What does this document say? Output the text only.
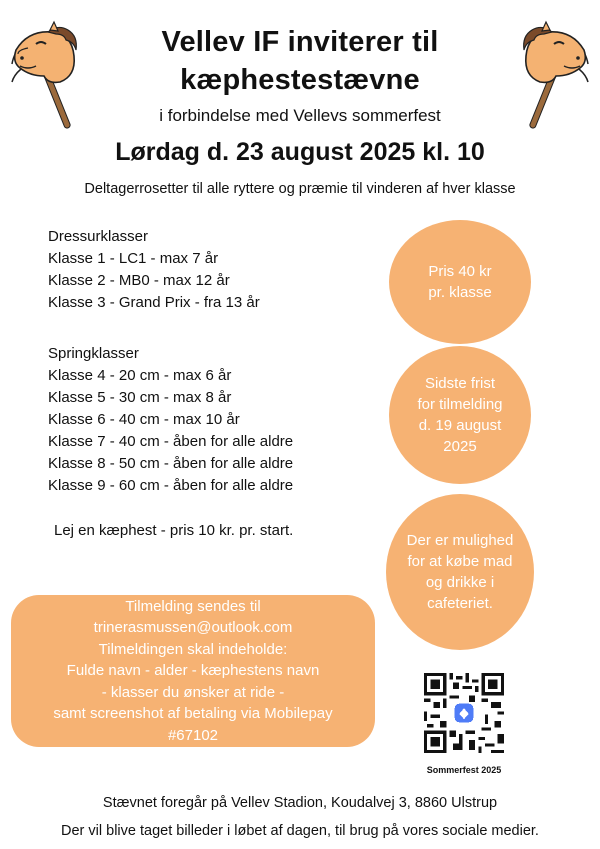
Vellev IF inviterer til
kæphestestævne
i forbindelse med Vellevs sommerfest
Lørdag d. 23 august 2025 kl. 10
Deltagerrosetter til alle ryttere og præmie til vinderen af hver klasse
Dressurklasser
Klasse 1 - LC1 - max 7 år
Klasse 2 - MB0 - max 12 år
Klasse 3 - Grand Prix - fra 13 år
Springklasser
Klasse 4 - 20 cm - max 6 år
Klasse 5 - 30 cm - max 8 år
Klasse 6 - 40 cm - max 10 år
Klasse 7 - 40 cm - åben for alle aldre
Klasse 8 - 50 cm - åben for alle aldre
Klasse 9 - 60 cm - åben for alle aldre
Lej en kæphest - pris 10 kr. pr. start.
Pris 40 kr
pr. klasse
Sidste frist
for tilmelding
d. 19 august
2025
Der er mulighed
for at købe mad
og drikke i
cafeteriet.
Tilmelding sendes til
trinerasmussen@outlook.com
Tilmeldingen skal indeholde:
Fulde navn - alder - kæphestens navn
- klasser du ønsker at ride -
samt screenshot af betaling via Mobilepay
#67102
Sommerfest 2025
Stævnet foregår på Vellev Stadion, Koudalvej 3, 8860 Ulstrup
Der vil blive taget billeder i løbet af dagen, til brug på vores sociale medier.
